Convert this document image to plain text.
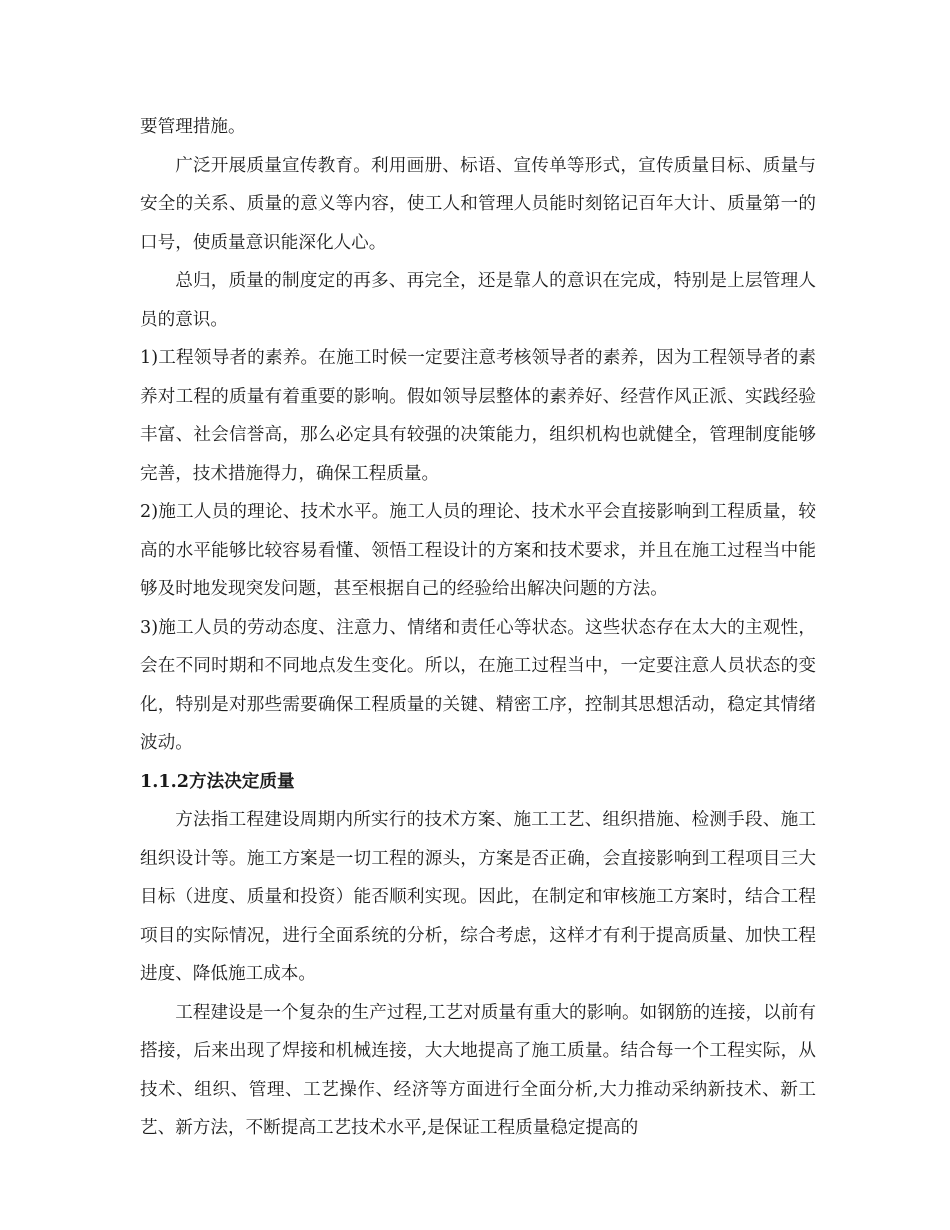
要管理措施。

广泛开展质量宣传教育。利用画册、标语、宣传单等形式，宣传质量目标、质量与安全的关系、质量的意义等内容，使工人和管理人员能时刻铭记百年大计、质量第一的口号，使质量意识能深化人心。

总归，质量的制度定的再多、再完全，还是靠人的意识在完成，特别是上层管理人员的意识。

1)工程领导者的素养。在施工时候一定要注意考核领导者的素养，因为工程领导者的素养对工程的质量有着重要的影响。假如领导层整体的素养好、经营作风正派、实践经验丰富、社会信誉高，那么必定具有较强的决策能力，组织机构也就健全，管理制度能够完善，技术措施得力，确保工程质量。

2)施工人员的理论、技术水平。施工人员的理论、技术水平会直接影响到工程质量，较高的水平能够比较容易看懂、领悟工程设计的方案和技术要求，并且在施工过程当中能够及时地发现突发问题，甚至根据自己的经验给出解决问题的方法。

3)施工人员的劳动态度、注意力、情绪和责任心等状态。这些状态存在太大的主观性，会在不同时期和不同地点发生变化。所以，在施工过程当中，一定要注意人员状态的变化，特别是对那些需要确保工程质量的关键、精密工序，控制其思想活动，稳定其情绪波动。

1.1.2方法决定质量

方法指工程建设周期内所实行的技术方案、施工工艺、组织措施、检测手段、施工组织设计等。施工方案是一切工程的源头，方案是否正确，会直接影响到工程项目三大目标（进度、质量和投资）能否顺利实现。因此，在制定和审核施工方案时，结合工程项目的实际情况，进行全面系统的分析，综合考虑，这样才有利于提高质量、加快工程进度、降低施工成本。

工程建设是一个复杂的生产过程,工艺对质量有重大的影响。如钢筋的连接，以前有搭接，后来出现了焊接和机械连接，大大地提高了施工质量。结合每一个工程实际，从技术、组织、管理、工艺操作、经济等方面进行全面分析,大力推动采纳新技术、新工艺、新方法，不断提高工艺技术水平,是保证工程质量稳定提高的
